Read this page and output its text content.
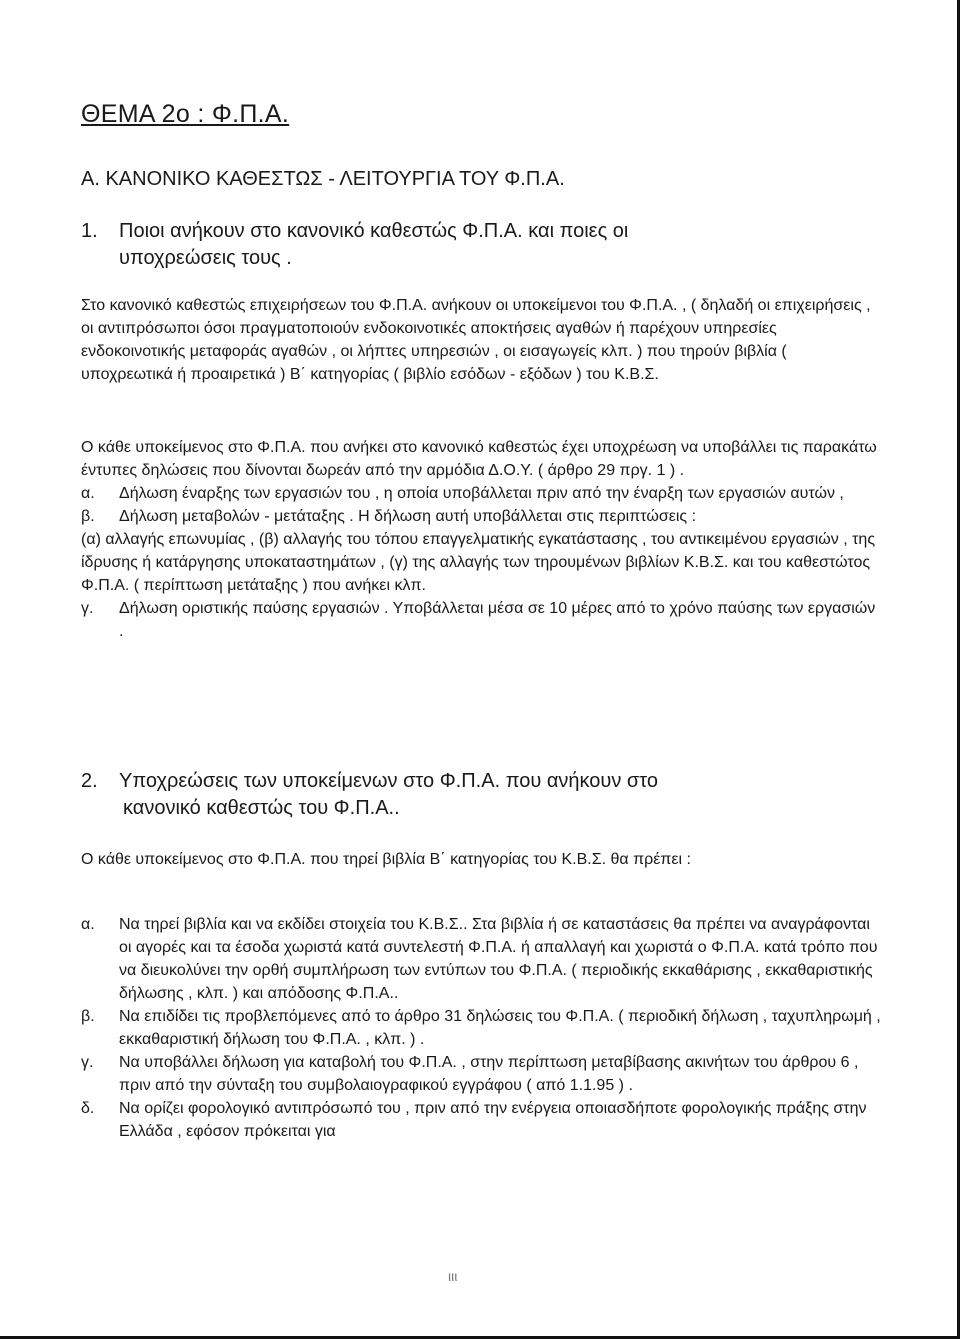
ΘΕΜΑ 2ο : Φ.Π.Α.
Α. ΚΑΝΟΝΙΚΟ ΚΑΘΕΣΤΩΣ - ΛΕΙΤΟΥΡΓΙΑ ΤΟΥ Φ.Π.Α.
1. Ποιοι ανήκουν στο κανονικό καθεστώς Φ.Π.Α. και ποιες οι
υποχρεώσεις τους .

Στο κανονικό καθεστώς επιχειρήσεων του Φ.Π.Α. ανήκουν οι υποκείμενοι του Φ.Π.Α. , ( δηλαδή οι επιχειρήσεις , οι αντιπρόσωποι όσοι πραγματοποιούν ενδοκοινοτικές αποκτήσεις αγαθών ή παρέχουν υπηρεσίες ενδοκοινοτικής μεταφοράς αγαθών , οι λήπτες υπηρεσιών , οι εισαγωγείς κλπ. ) που τηρούν βιβλία ( υποχρεωτικά ή προαιρετικά ) Β΄ κατηγορίας ( βιβλίο εσόδων - εξόδων ) του Κ.Β.Σ.

Ο κάθε υποκείμενος στο Φ.Π.Α. που ανήκει στο κανονικό καθεστώς έχει υποχρέωση να υποβάλλει τις παρακάτω έντυπες δηλώσεις που δίνονται δωρεάν από την αρμόδια Δ.Ο.Υ. ( άρθρο 29 πργ. 1 ) .

α. Δήλωση έναρξης των εργασιών του , η οποία υποβάλλεται πριν από την έναρξη των εργασιών αυτών ,

β. Δήλωση μεταβολών - μετάταξης . Η δήλωση αυτή υποβάλλεται στις περιπτώσεις :

(α) αλλαγής επωνυμίας , (β) αλλαγής του τόπου επαγγελματικής εγκατάστασης , του αντικειμένου εργασιών , της ίδρυσης ή κατάργησης υποκαταστημάτων , (γ) της αλλαγής των τηρουμένων βιβλίων Κ.Β.Σ. και του καθεστώτος Φ.Π.Α. ( περίπτωση μετάταξης ) που ανήκει κλπ.

γ. Δήλωση οριστικής παύσης εργασιών . Υποβάλλεται μέσα σε 10 μέρες από το χρόνο παύσης των εργασιών .

2. Υποχρεώσεις των υποκείμενων στο Φ.Π.Α. που ανήκουν στο
κανονικό καθεστώς του Φ.Π.Α..

Ο κάθε υποκείμενος στο Φ.Π.Α. που τηρεί βιβλία Β΄ κατηγορίας του Κ.Β.Σ. θα πρέπει :

α. Να τηρεί βιβλία και να εκδίδει στοιχεία του Κ.Β.Σ.. Στα βιβλία ή σε καταστάσεις θα πρέπει να αναγράφονται οι αγορές και τα έσοδα χωριστά κατά συντελεστή Φ.Π.Α. ή απαλλαγή και χωριστά ο Φ.Π.Α. κατά τρόπο που να διευκολύνει την ορθή συμπλήρωση των εντύπων του Φ.Π.Α. ( περιοδικής εκκαθάρισης , εκκαθαριστικής δήλωσης , κλπ. ) και απόδοσης Φ.Π.Α..

β. Να επιδίδει τις προβλεπόμενες από το άρθρο 31 δηλώσεις του Φ.Π.Α. ( περιοδική δήλωση , ταχυπληρωμή , εκκαθαριστική δήλωση του Φ.Π.Α. , κλπ. ) .

γ. Να υποβάλλει δήλωση για καταβολή του Φ.Π.Α. , στην περίπτωση μεταβίβασης ακινήτων του άρθρου 6 , πριν από την σύνταξη του συμβολαιογραφικού εγγράφου ( από 1.1.95 ) .

δ. Να ορίζει φορολογικό αντιπρόσωπό του , πριν από την ενέργεια οποιασδήποτε φορολογικής πράξης στην Ελλάδα , εφόσον πρόκειται για

ιιι
